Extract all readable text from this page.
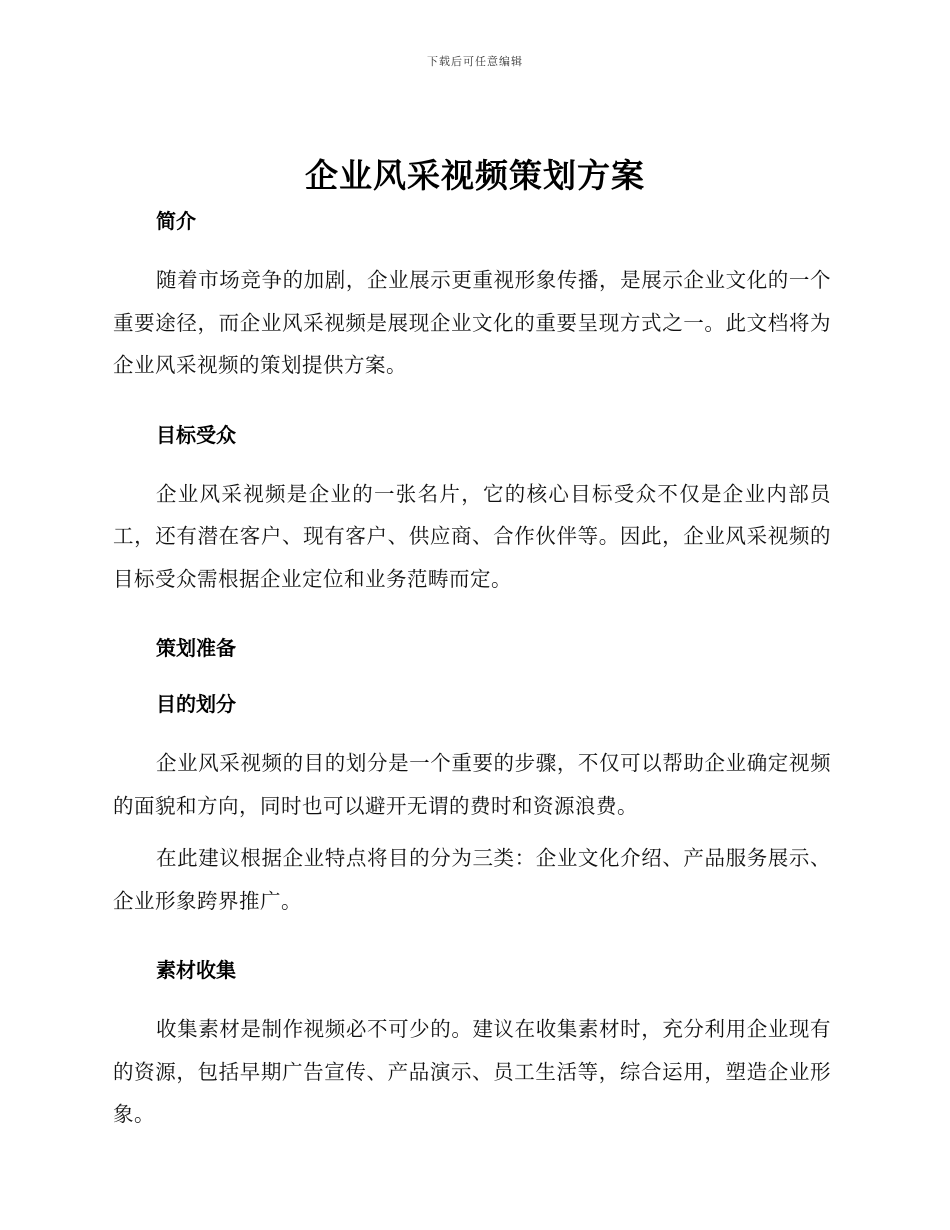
下载后可任意编辑
企业风采视频策划方案
简介

随着市场竞争的加剧，企业展示更重视形象传播，是展示企业文化的一个重要途径，而企业风采视频是展现企业文化的重要呈现方式之一。此文档将为企业风采视频的策划提供方案。

目标受众

企业风采视频是企业的一张名片，它的核心目标受众不仅是企业内部员工，还有潜在客户、现有客户、供应商、合作伙伴等。因此，企业风采视频的目标受众需根据企业定位和业务范畴而定。

策划准备
目的划分

企业风采视频的目的划分是一个重要的步骤，不仅可以帮助企业确定视频的面貌和方向，同时也可以避开无谓的费时和资源浪费。

在此建议根据企业特点将目的分为三类：企业文化介绍、产品服务展示、企业形象跨界推广。

素材收集

收集素材是制作视频必不可少的。建议在收集素材时，充分利用企业现有的资源，包括早期广告宣传、产品演示、员工生活等，综合运用，塑造企业形象。
